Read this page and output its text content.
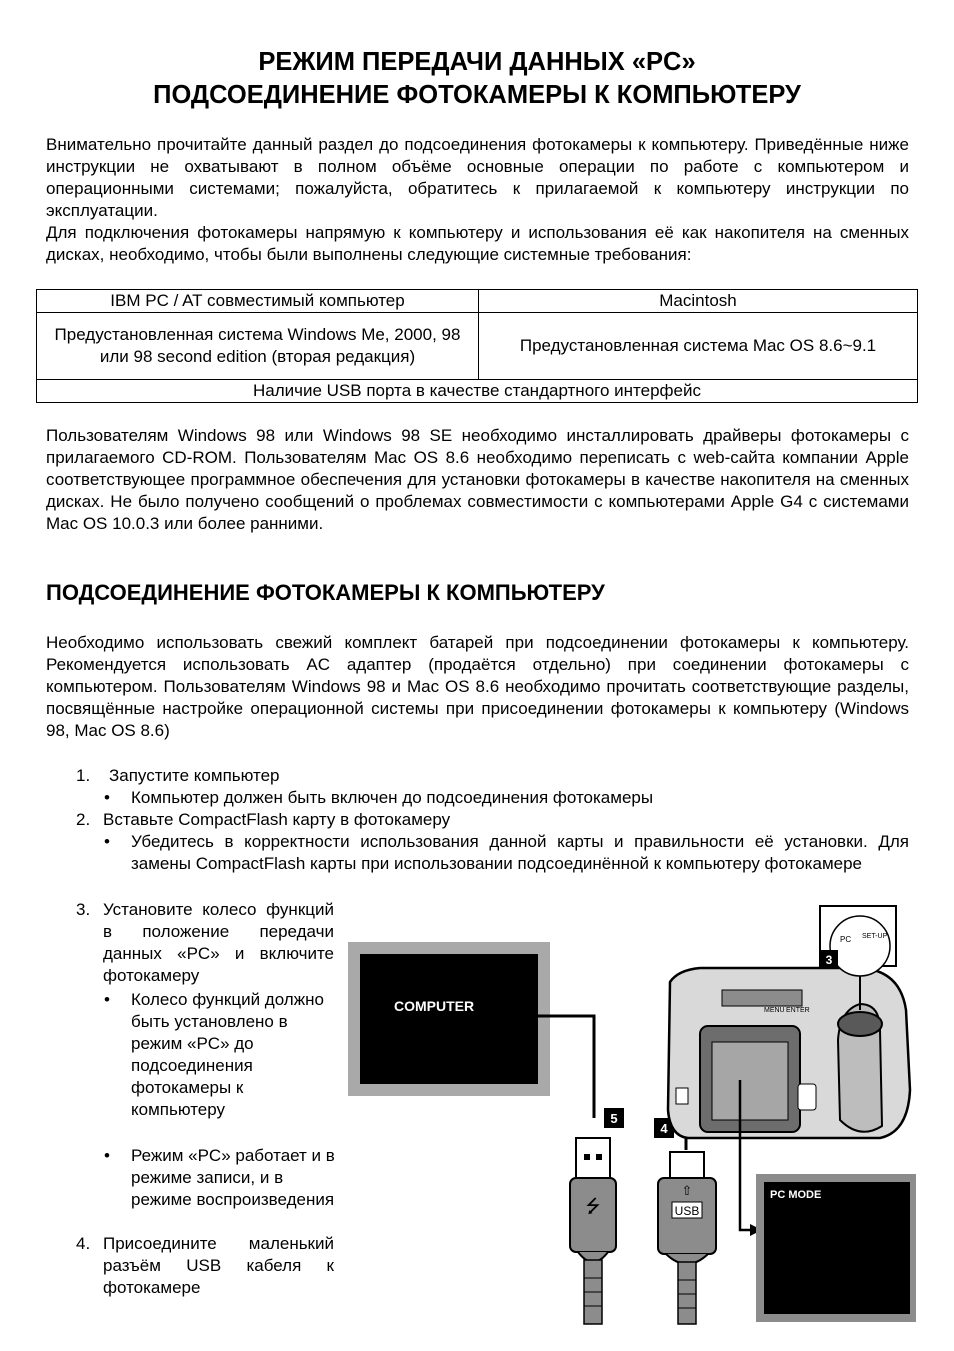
РЕЖИМ ПЕРЕДАЧИ ДАННЫХ «PC»
ПОДСОЕДИНЕНИЕ ФОТОКАМЕРЫ К КОМПЬЮТЕРУ
Внимательно прочитайте данный раздел до подсоединения фотокамеры к компьютеру. Приведённые ниже инструкции не охватывают в полном объёме основные операции по работе с компьютером и операционными системами; пожалуйста, обратитесь к прилагаемой к компьютеру инструкции по эксплуатации.
Для подключения фотокамеры напрямую к компьютеру и использования её как накопителя на сменных дисках, необходимо, чтобы были выполнены следующие системные требования:
IBM PC / AT совместимый компьютер	Macintosh
Предустановленная система Windows Me, 2000, 98 или 98 second edition (вторая редакция)	Предустановленная система Mac OS 8.6~9.1
Наличие USB порта в качестве стандартного интерфейс	
Пользователям Windows 98 или Windows 98 SE необходимо инсталлировать драйверы фотокамеры с прилагаемого CD-ROM. Пользователям Mac OS 8.6 необходимо переписать с web-сайта компании Apple соответствующее программное обеспечения для установки фотокамеры в качестве накопителя на сменных дисках. Не было получено сообщений о проблемах совместимости с компьютерами Apple G4 с системами Mac OS 10.0.3 или более ранними.
ПОДСОЕДИНЕНИЕ ФОТОКАМЕРЫ К КОМПЬЮТЕРУ
Необходимо использовать свежий комплект батарей при подсоединении фотокамеры к компьютеру. Рекомендуется использовать AC адаптер (продаётся отдельно) при соединении фотокамеры с компьютером. Пользователям Windows 98 и Mac OS 8.6 необходимо прочитать соответствующие разделы, посвящённые настройке операционной системы при присоединении фотокамеры к компьютеру (Windows 98, Mac OS 8.6)
1. Запустите компьютер
• Компьютер должен быть включен до подсоединения фотокамеры
2. Вставьте CompactFlash карту в фотокамеру
• Убедитесь в корректности использования данной карты и правильности её установки. Для замены CompactFlash карты при использовании подсоединённой к компьютеру фотокамере
3. Установите колесо функций в положение передачи данных «PC» и включите фотокамеру
• Колесо функций должно быть установлено в режим «PC» до подсоединения фотокамеры к компьютеру
• Режим «PC» работает и в режиме записи, и в режиме воспроизведения
4. Присоедините маленький разъём USB кабеля к фотокамере
COMPUTER
5
⭍
4
⇧
USB
MENU ENTER
PC SET-UP
3
PC MODE
